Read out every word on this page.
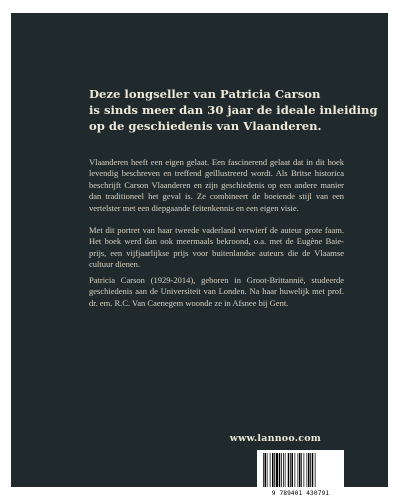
Deze longseller van Patricia Carson
is sinds meer dan 30 jaar de ideale inleiding
op de geschiedenis van Vlaanderen.

Vlaanderen heeft een eigen gelaat. Een fascinerend gelaat dat in dit boek levendig beschreven en treffend geïllustreerd wordt. Als Britse historica beschrijft Carson Vlaanderen en zijn geschiedenis op een andere manier dan traditioneel het geval is. Ze combineert de boeiende stijl van een vertelster met een diepgaande feitenkennis en een eigen visie.

Met dit portret van haar tweede vaderland verwierf de auteur grote faam. Het boek werd dan ook meermaals bekroond, o.a. met de Eugène Baie-prijs, een vijfjaarlijkse prijs voor buitenlandse auteurs die de Vlaamse cultuur dienen.

Patricia Carson (1929-2014), geboren in Groot-Brittannië, studeerde geschiedenis aan de Universiteit van Londen. Na haar huwelijk met prof. dr. em. R.C. Van Caenegem woonde ze in Afsnee bij Gent.

www.lannoo.com

9 789401 430791
